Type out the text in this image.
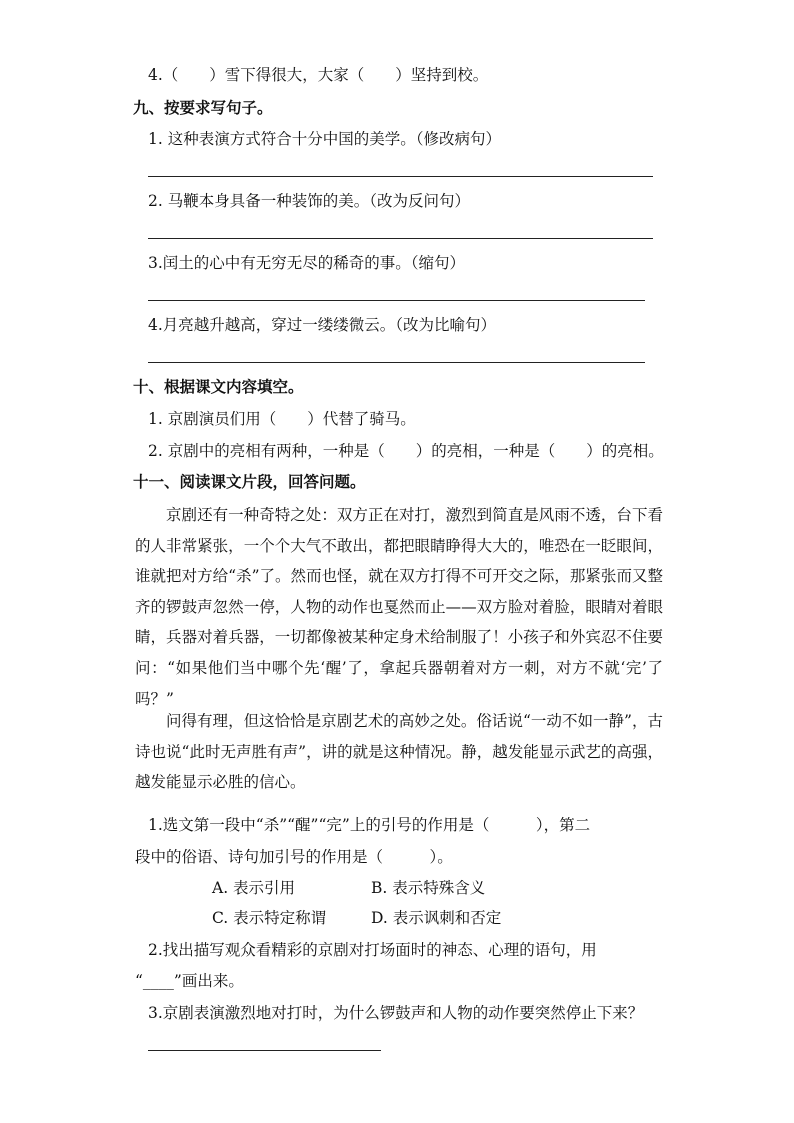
4.（　　）雪下得很大，大家（　　）坚持到校。
九、按要求写句子。
1. 这种表演方式符合十分中国的美学。（修改病句）
2. 马鞭本身具备一种装饰的美。（改为反问句）
3.闰土的心中有无穷无尽的稀奇的事。（缩句）
4.月亮越升越高，穿过一缕缕微云。（改为比喻句）
十、根据课文内容填空。
1. 京剧演员们用（　　）代替了骑马。
2. 京剧中的亮相有两种，一种是（　　）的亮相，一种是（　　）的亮相。
十一、阅读课文片段，回答问题。
京剧还有一种奇特之处：双方正在对打，激烈到简直是风雨不透，台下看的人非常紧张，一个个大气不敢出，都把眼睛睁得大大的，唯恐在一眨眼间，谁就把对方给“杀”了。然而也怪，就在双方打得不可开交之际，那紧张而又整齐的锣鼓声忽然一停，人物的动作也戛然而止——双方脸对着脸，眼睛对着眼睛，兵器对着兵器，一切都像被某种定身术给制服了！小孩子和外宾忍不住要问：“如果他们当中哪个先‘醒’了，拿起兵器朝着对方一刺，对方不就‘完’了吗？”
问得有理，但这恰恰是京剧艺术的高妙之处。俗话说“一动不如一静”，古诗也说“此时无声胜有声”，讲的就是这种情况。静，越发能显示武艺的高强，越发能显示必胜的信心。
1.选文第一段中“杀”“醒”“完”上的引号的作用是（　　　），第二
段中的俗语、诗句加引号的作用是（　　　）。
A. 表示引用	B. 表示特殊含义
C. 表示特定称谓	D. 表示讽刺和否定
2.找出描写观众看精彩的京剧对打场面时的神态、心理的语句，用
“____”画出来。
3.京剧表演激烈地对打时，为什么锣鼓声和人物的动作要突然停止下来？
